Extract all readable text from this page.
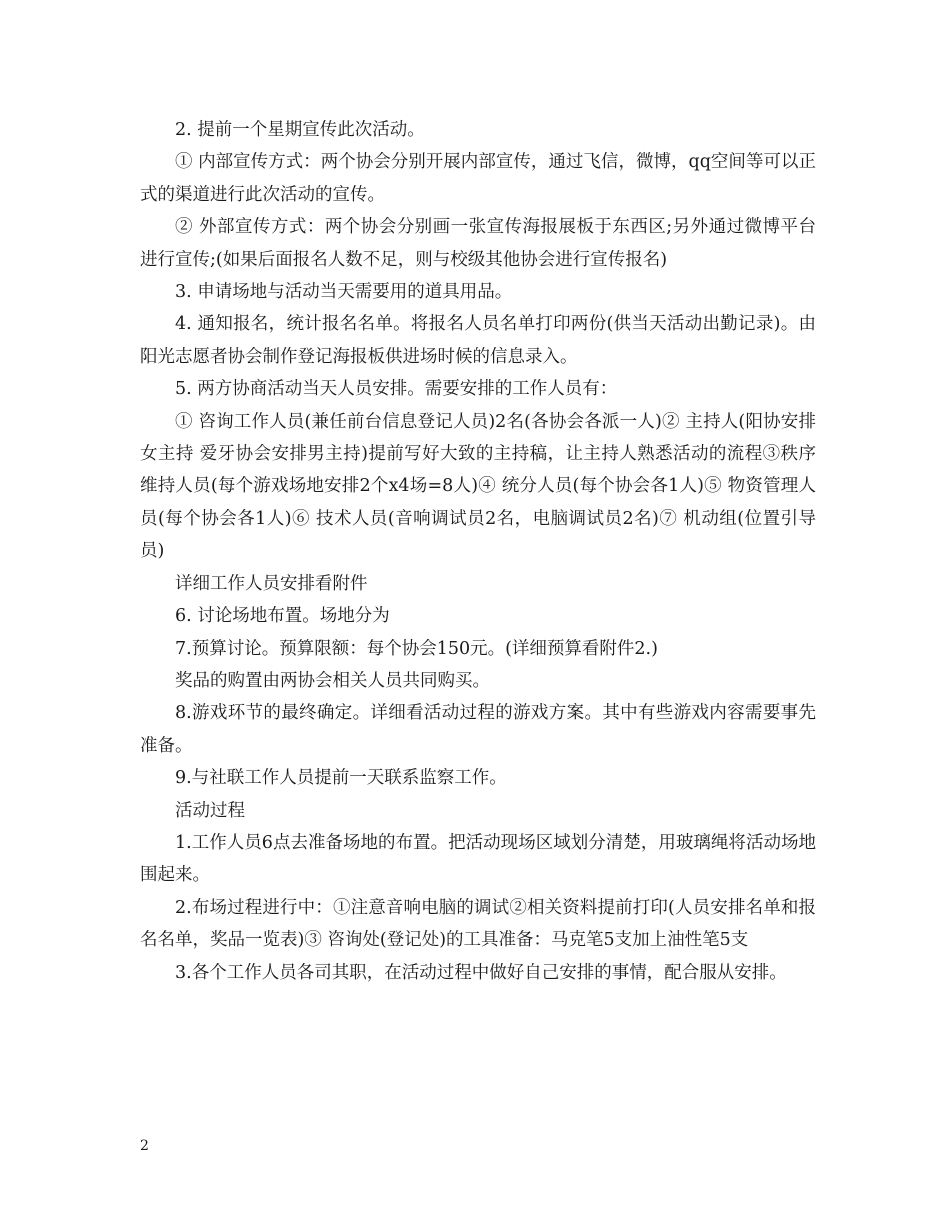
2. 提前一个星期宣传此次活动。

① 内部宣传方式：两个协会分别开展内部宣传，通过飞信，微博，qq空间等可以正式的渠道进行此次活动的宣传。

② 外部宣传方式：两个协会分别画一张宣传海报展板于东西区;另外通过微博平台进行宣传;(如果后面报名人数不足，则与校级其他协会进行宣传报名)

3. 申请场地与活动当天需要用的道具用品。

4. 通知报名，统计报名名单。将报名人员名单打印两份(供当天活动出勤记录)。由阳光志愿者协会制作登记海报板供进场时候的信息录入。

5. 两方协商活动当天人员安排。需要安排的工作人员有：

① 咨询工作人员(兼任前台信息登记人员)2名(各协会各派一人)② 主持人(阳协安排女主持 爱牙协会安排男主持)提前写好大致的主持稿，让主持人熟悉活动的流程③秩序维持人员(每个游戏场地安排2个x4场=8人)④ 统分人员(每个协会各1人)⑤ 物资管理人员(每个协会各1人)⑥ 技术人员(音响调试员2名，电脑调试员2名)⑦ 机动组(位置引导员)

详细工作人员安排看附件

6. 讨论场地布置。场地分为

7.预算讨论。预算限额：每个协会150元。(详细预算看附件2.)

奖品的购置由两协会相关人员共同购买。

8.游戏环节的最终确定。详细看活动过程的游戏方案。其中有些游戏内容需要事先准备。

9.与社联工作人员提前一天联系监察工作。

活动过程

1.工作人员6点去准备场地的布置。把活动现场区域划分清楚，用玻璃绳将活动场地围起来。

2.布场过程进行中：①注意音响电脑的调试②相关资料提前打印(人员安排名单和报名名单，奖品一览表)③ 咨询处(登记处)的工具准备：马克笔5支加上油性笔5支

3.各个工作人员各司其职，在活动过程中做好自己安排的事情，配合服从安排。

2
